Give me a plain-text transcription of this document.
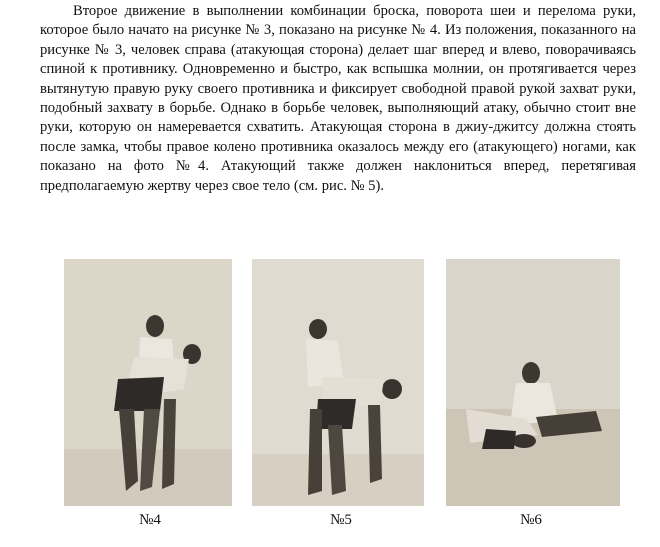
Второе движение в выполнении комбинации броска, поворота шеи и перелома руки, которое было начато на рисунке № 3, показано на рисунке № 4. Из положения, показанного на рисунке № 3, человек справа (атакующая сторона) делает шаг вперед и влево, поворачиваясь спиной к противнику. Одновременно и быстро, как вспышка молнии, он протягивается через вытянутую правую руку своего противника и фиксирует свободной правой рукой захват руки, подобный захвату в борьбе. Однако в борьбе человек, выполняющий атаку, обычно стоит вне руки, которую он намеревается схватить. Атакующая сторона в джиу-джитсу должна стоять после замка, чтобы правое колено противника оказалось между его (атакующего) ногами, как показано на фото №4. Атакующий также должен наклониться вперед, перетягивая предполагаемую жертву через свое тело (см. рис. № 5).

№4	№5	№6
